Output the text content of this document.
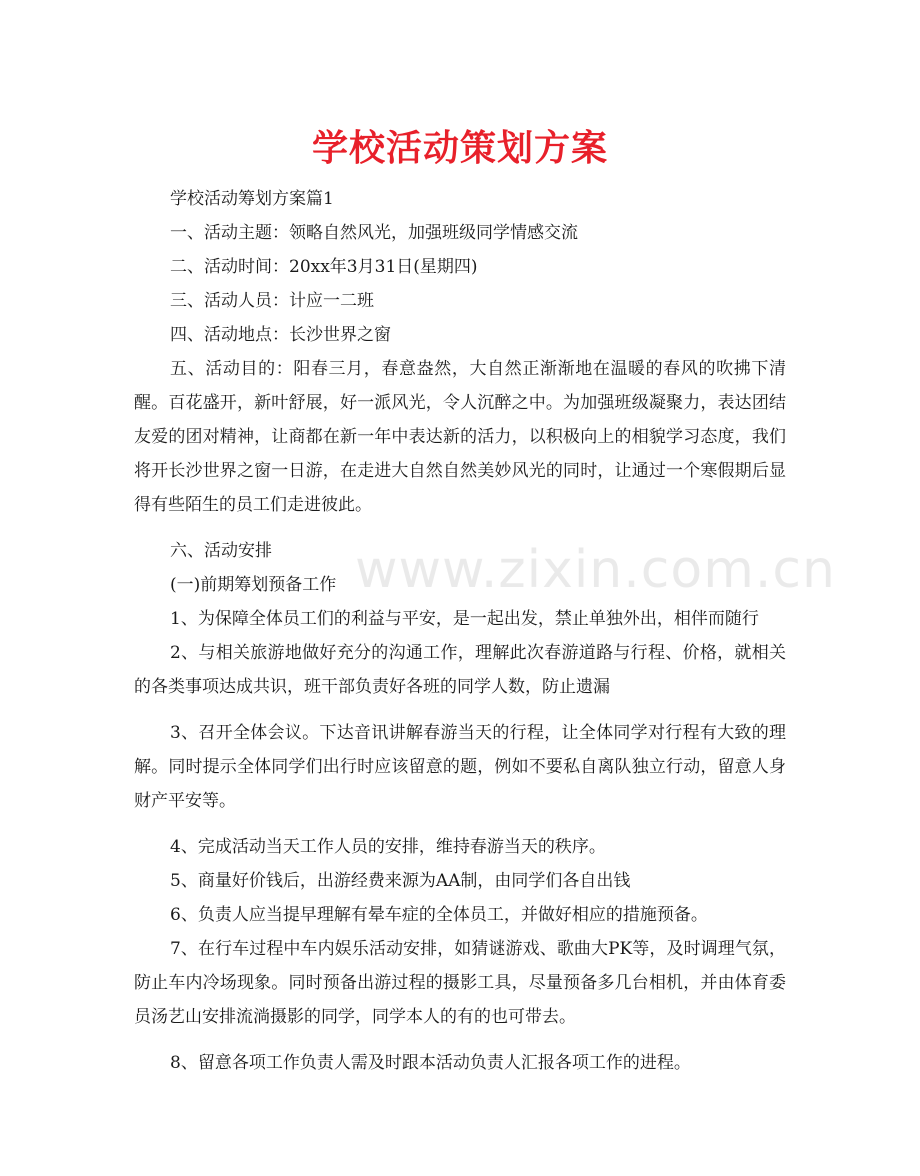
学校活动策划方案

学校活动筹划方案篇1

一、活动主题：领略自然风光，加强班级同学情感交流

二、活动时间：20xx年3月31日(星期四)

三、活动人员：计应一二班

四、活动地点：长沙世界之窗

五、活动目的：阳春三月，春意盎然，大自然正渐渐地在温暖的春风的吹拂下清醒。百花盛开，新叶舒展，好一派风光，令人沉醉之中。为加强班级凝聚力，表达团结友爱的团对精神，让商都在新一年中表达新的活力，以积极向上的相貌学习态度，我们将开长沙世界之窗一日游，在走进大自然自然美妙风光的同时，让通过一个寒假期后显得有些陌生的员工们走进彼此。

六、活动安排

(一)前期筹划预备工作

1、为保障全体员工们的利益与平安，是一起出发，禁止单独外出，相伴而随行

2、与相关旅游地做好充分的沟通工作，理解此次春游道路与行程、价格，就相关的各类事项达成共识，班干部负责好各班的同学人数，防止遗漏

3、召开全体会议。下达音讯讲解春游当天的行程，让全体同学对行程有大致的理解。同时提示全体同学们出行时应该留意的题，例如不要私自离队独立行动，留意人身财产平安等。

4、完成活动当天工作人员的安排，维持春游当天的秩序。

5、商量好价钱后，出游经费来源为AA制，由同学们各自出钱

6、负责人应当提早理解有晕车症的全体员工，并做好相应的措施预备。

7、在行车过程中车内娱乐活动安排，如猜谜游戏、歌曲大PK等，及时调理气氛，防止车内冷场现象。同时预备出游过程的摄影工具，尽量预备多几台相机，并由体育委员汤艺山安排流淌摄影的同学，同学本人的有的也可带去。

8、留意各项工作负责人需及时跟本活动负责人汇报各项工作的进程。

www.zixin.com.cn
